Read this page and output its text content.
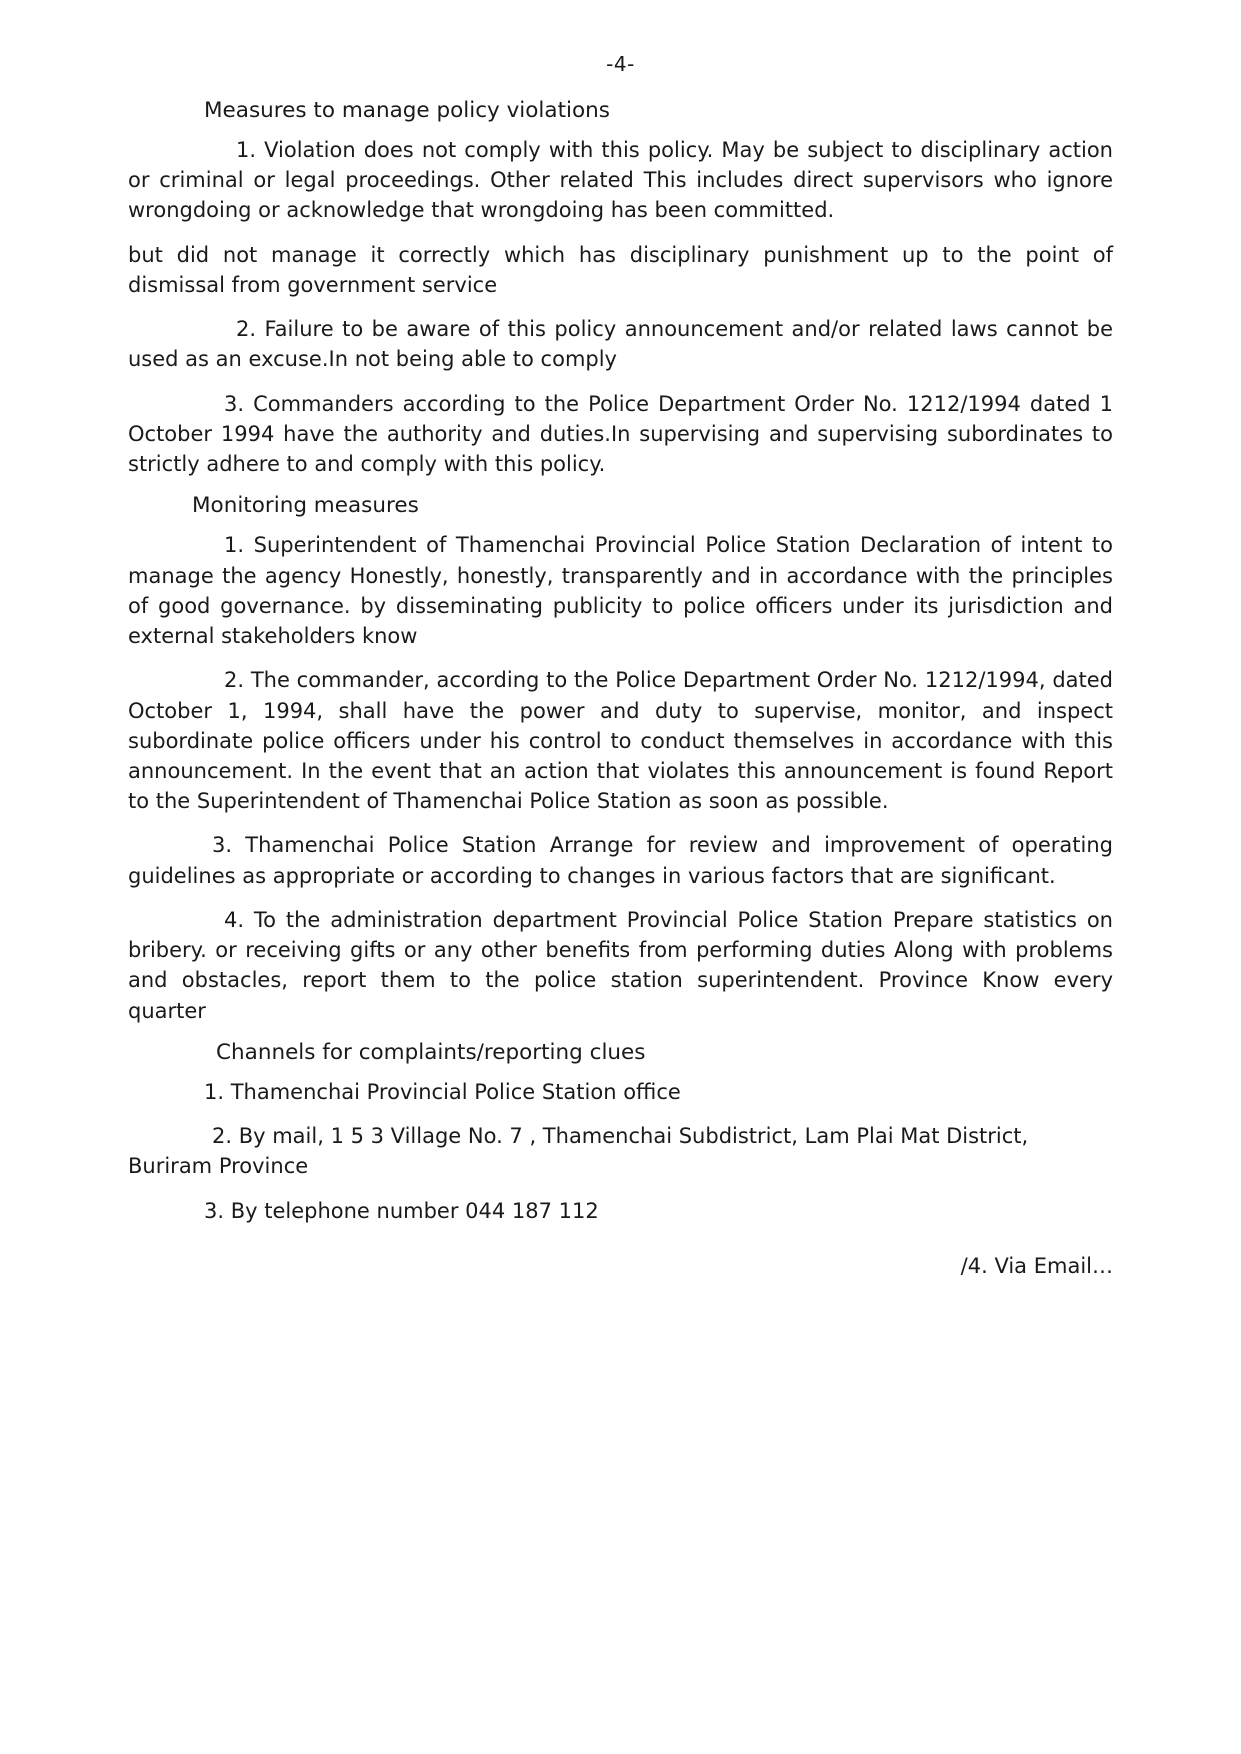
-4-
Measures to manage policy violations

1. Violation does not comply with this policy. May be subject to disciplinary action or criminal or legal proceedings. Other related This includes direct supervisors who ignore wrongdoing or acknowledge that wrongdoing has been committed.

but did not manage it correctly which has disciplinary punishment up to the point of dismissal from government service

2. Failure to be aware of this policy announcement and/or related laws cannot be used as an excuse.In not being able to comply

3. Commanders according to the Police Department Order No. 1212/1994 dated 1 October 1994 have the authority and duties.In supervising and supervising subordinates to strictly adhere to and comply with this policy.

Monitoring measures

1. Superintendent of Thamenchai Provincial Police Station Declaration of intent to manage the agency Honestly, honestly, transparently and in accordance with the principles of good governance. by disseminating publicity to police officers under its jurisdiction and external stakeholders know

2. The commander, according to the Police Department Order No. 1212/1994, dated October 1, 1994, shall have the power and duty to supervise, monitor, and inspect subordinate police officers under his control to conduct themselves in accordance with this announcement. In the event that an action that violates this announcement is found Report to the Superintendent of Thamenchai Police Station as soon as possible.

3. Thamenchai Police Station Arrange for review and improvement of operating guidelines as appropriate or according to changes in various factors that are significant.

4. To the administration department Provincial Police Station Prepare statistics on bribery. or receiving gifts or any other benefits from performing duties Along with problems and obstacles, report them to the police station superintendent. Province Know every quarter

Channels for complaints/reporting clues
1. Thamenchai Provincial Police Station office

2. By mail, 1 5 3 Village No. 7 , Thamenchai Subdistrict, Lam Plai Mat District, Buriram Province

3. By telephone number 044 187 112
/4. Via Email…
